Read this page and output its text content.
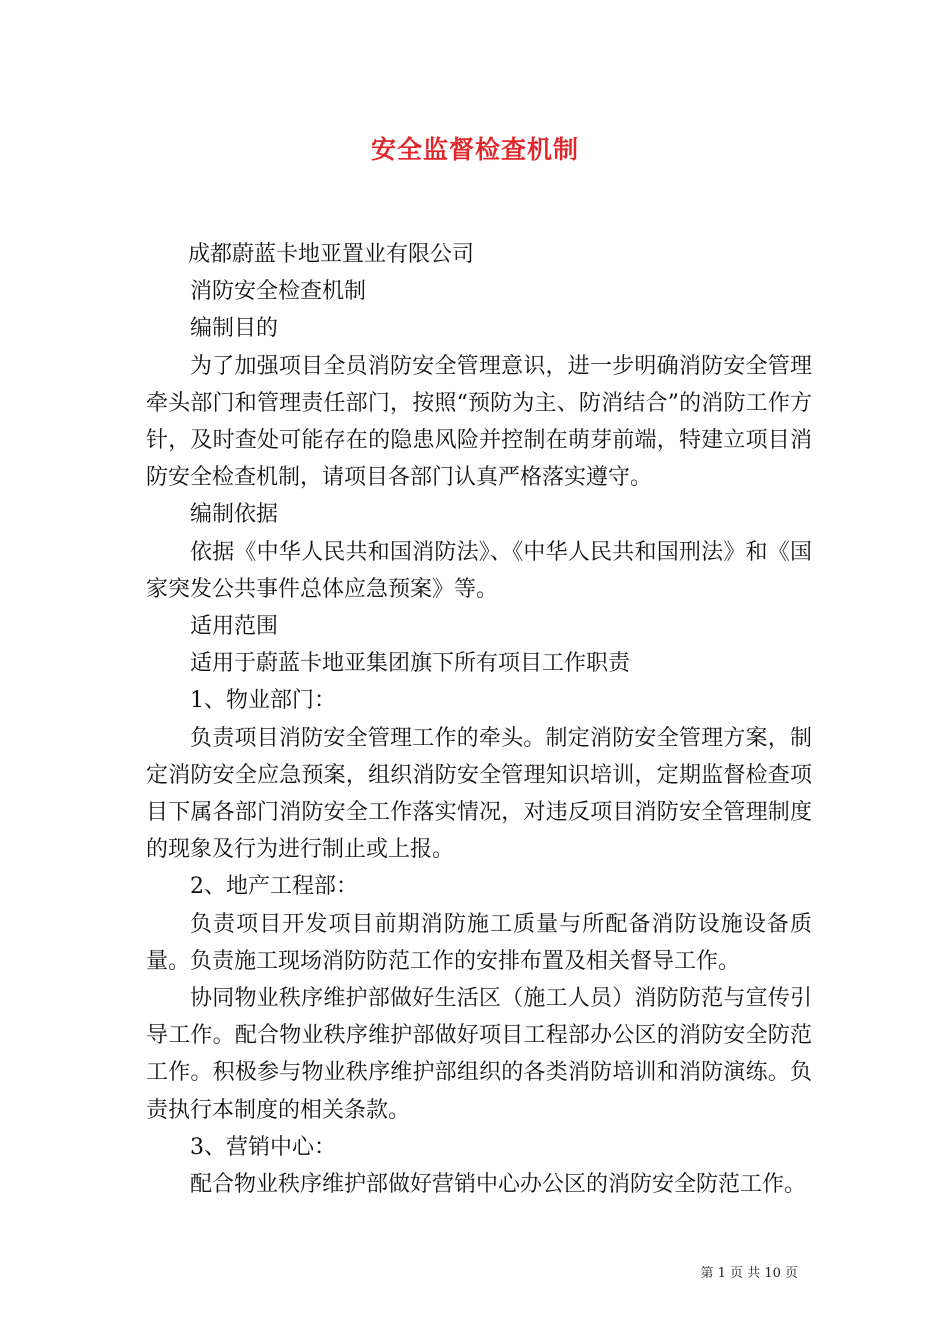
安全监督检查机制

成都蔚蓝卡地亚置业有限公司

消防安全检查机制

编制目的

为了加强项目全员消防安全管理意识，进一步明确消防安全管理牵头部门和管理责任部门，按照“预防为主、防消结合”的消防工作方针，及时查处可能存在的隐患风险并控制在萌芽前端，特建立项目消防安全检查机制，请项目各部门认真严格落实遵守。

编制依据

依据《中华人民共和国消防法》、《中华人民共和国刑法》和《国家突发公共事件总体应急预案》等。

适用范围

适用于蔚蓝卡地亚集团旗下所有项目工作职责

1、物业部门：

负责项目消防安全管理工作的牵头。制定消防安全管理方案，制定消防安全应急预案，组织消防安全管理知识培训，定期监督检查项目下属各部门消防安全工作落实情况，对违反项目消防安全管理制度的现象及行为进行制止或上报。

2、地产工程部：

负责项目开发项目前期消防施工质量与所配备消防设施设备质量。负责施工现场消防防范工作的安排布置及相关督导工作。

协同物业秩序维护部做好生活区（施工人员）消防防范与宣传引导工作。配合物业秩序维护部做好项目工程部办公区的消防安全防范工作。积极参与物业秩序维护部组织的各类消防培训和消防演练。负责执行本制度的相关条款。

3、营销中心：

配合物业秩序维护部做好营销中心办公区的消防安全防范工作。

第 1 页 共 10 页
